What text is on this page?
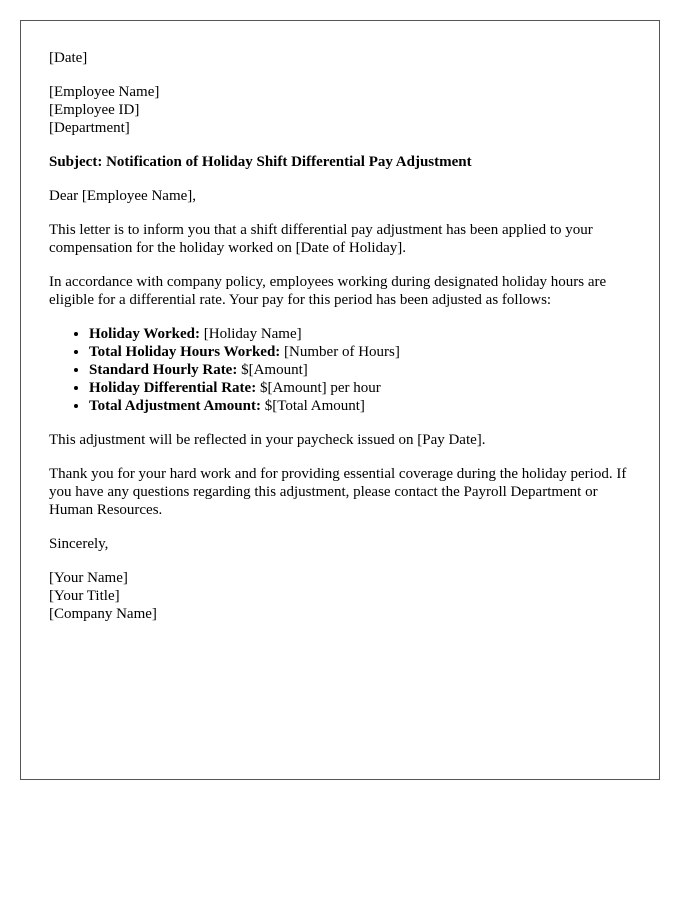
[Date]
[Employee Name]
[Employee ID]
[Department]
Subject: Notification of Holiday Shift Differential Pay Adjustment
Dear [Employee Name],
This letter is to inform you that a shift differential pay adjustment has been applied to your compensation for the holiday worked on [Date of Holiday].
In accordance with company policy, employees working during designated holiday hours are eligible for a differential rate. Your pay for this period has been adjusted as follows:
• Holiday Worked: [Holiday Name]
• Total Holiday Hours Worked: [Number of Hours]
• Standard Hourly Rate: $[Amount]
• Holiday Differential Rate: $[Amount] per hour
• Total Adjustment Amount: $[Total Amount]
This adjustment will be reflected in your paycheck issued on [Pay Date].
Thank you for your hard work and for providing essential coverage during the holiday period. If you have any questions regarding this adjustment, please contact the Payroll Department or Human Resources.
Sincerely,
[Your Name]
[Your Title]
[Company Name]
